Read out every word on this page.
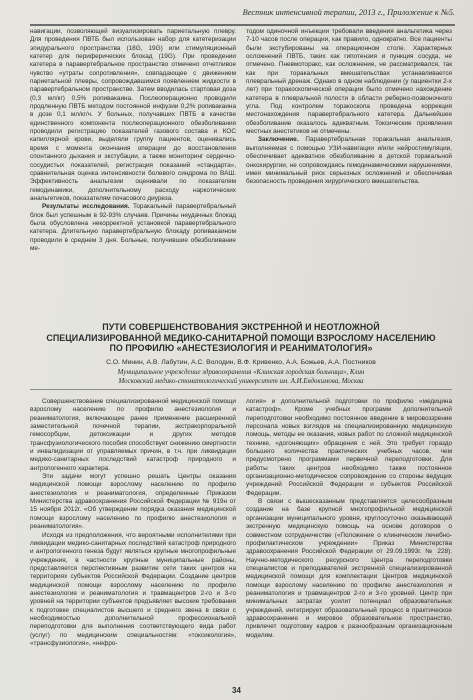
Вестник интенсивной терапии, 2013 г., Приложение к №5.

навигации, позволяющей визуализировать париетальную плевру. Для проведения ПВТБ был использован набор для катетеризации эпидурального пространства (18G, 19G) или стимуляционный катетер для периферических блокад (19G). При проведении катетера в паравертебральное пространство отмечено отчетливое чувство «утраты сопротивления», совпадающее с движением париетальной плевры, сопровождавшимся появлением жидкости в паравертебральном пространстве. Затем вводилась стартовая доза (0,3 мл/кг) 0,5% ропивакаина. Послеоперационно проводили продленную ПВТБ методом постоянной инфузии 0,2% ропивакаина в дозе 0,1 мл/кг/ч. У больных, получавших ПВТБ в качестве единственного компонента послеоперационного обезболивания проводили регистрацию показателей газового состава и КОС капиллярной крови, выделяли группу пациентов, оценивались время с момента окончания операции до восстановления спонтанного дыхания и экстубации, а также мониторинг сердечно-сосудистых показателей, регистрация показаний «стандарта», сравнительная оценка интенсивности болевого синдрома по ВАШ. Эффективность анальгезии оценивали по показателям гемодинамики, дополнительному расходу наркотических анальгетиков, показателям почасового диуреза.

Результаты исследования. Торакальный паравертебральный блок был успешным в 92-93% случаев. Причины неудачных блокад была обусловлена некорректной установкой паравертебрального катетера. Длительную паравертебральную блокаду ропивакаином проводили в среднем 3 дня. Больные, получившие обезболивание ме-

тодом одиночной инъекции требовали введения анальгетика через 7-10 часов после операции, как правило, однократно. Все пациенты были экстубированы на операционном столе. Характерных осложнений ПВТБ, таких как гипотензия и пункция сосуда, не отмечено. Пневмоторакс, как осложнение, не рассматривался, так как при торакальных вмешательствах устанавливается плевральный дренаж. Однако в одном наблюдении (у пациентки 2-х лет) при торакоскопической операции было отмечено нахождение катетера в плевральной полости в области реберно-позвоночного угла. Под контролем торакоскопа проведена коррекция местонахождения паравертебрального катетера. Дальнейшее обезболивание оказалось адекватным. Токсические проявления местных анестетиков не отмечены.

Заключение. Паравертебральная торакальная анальгезия, выполняемая с помощью УЗИ-навигации и/или нейростимуляции, обеспечивает адекватное обезболивание в детской торакальной онкохирургии, не сопровождаясь гемодинамическими нарушениями, имея минимальный риск серьезных осложнений и обеспечивая безопасность проведения хирургического вмешательства.

ПУТИ СОВЕРШЕНСТВОВАНИЯ ЭКСТРЕННОЙ И НЕОТЛОЖНОЙ
СПЕЦИАЛИЗИРОВАННОЙ МЕДИКО-САНИТАРНОЙ ПОМОЩИ ВЗРОСЛОМУ НАСЕЛЕНИЮ
ПО ПРОФИЛЮ «АНЕСТЕЗИОЛОГИЯ И РЕАНИМАТОЛОГИЯ»
С.О. Минин, А.В. Лабутин, А.С. Володин, В.Ф. Кривенко, А.А. Божьев, А.А. Постников
Муниципальное учреждение здравоохранения «Клинская городская больница», Клин
Московский медико-стоматологический университет им. А.И.Евдокимова, Москва

Совершенствование специализированной медицинской помощи взрослому населению по профилю анестезиология и реаниматология, включающее ранее применение расширенной заместительной почечной терапии, экстракорпоральной гемосорбции, детоксикации и других методов трансфузиологического пособия способствует снижению смертности и инвалидизации от управляемых причин, в т.ч. при ликвидации медико-санитарных последствий катастроф природного и антропогенного характера.

Эти задачи могут успешно решать Центры оказания медицинской помощи взрослому населению по профилю анестезиология и реаниматология, определенные Приказом Министерства здравоохранения Российской Федерации № 919н от 15 ноября 2012г. «Об утверждении порядка оказания медицинской помощи взрослому населению по профилю анестезиология и реаниматология».

Исходя из предположения, что вероятными исполнителями при ликвидации медико-санитарных последствий катастроф природного и антропогенного генеза будут являться крупные многопрофильные учреждения, в частности крупные муниципальные районы, представляется перспективным развитие сети таких центров на территориях субъектов Российской Федерации. Создание центров медицинской помощи взрослому населению по профилю анестезиология и реаниматология и травмацентров 2-го и 3-го уровней на территории субъектов предъявляет высокие требования к подготовке специалистов высшего и среднего звена в связи с необходимостью дополнительной профессиональной переподготовки для выполнения соответствующего вида работ (услуг) по медицинским специальностям: «токсикология», «трансфузиология», «нефро-

логия» и дополнительной подготовки по профилю «медицина катастроф». Кроме учебных программ дополнительной переподготовки необходимо постоянное введение в мировоззрение персонала новых взглядов на специализированную медицинскую помощь, методы ее оказания, новых работ по сложной медицинской технике, «догоняющих» обращения с ней. Это требует гораздо большего количества практических учебных часов, чем предусмотрено программами первичной переподготовки. Для работы таких центров необходимо также постоянное организационно-методическое сопровождение со стороны ведущих учреждений Российской Федерации и субъектов Российской Федерации.

В связи с вышесказанным представляется целесообразным создание на базе крупной многопрофильной медицинской организации муниципального уровня, круглосуточно оказывающей экстренную медицинскую помощь на основе договоров о совместном сотрудничестве («Положение о клиническом лечебно-профилактическом учреждении» Приказ Министерства здравоохранения Российской Федерации от 29.09.1993г. № 228). Научно-методического ресурсного Центра переподготовки специалистов и преподавателей экстренной специализированной медицинской помощи для комплектации Центров медицинской помощи взрослому населению по профилю анестезиология и реаниматология и травмацентров 2-го и 3-го уровней. Центр при минимальных затратах усилит потенциал образовательных учреждений, интегрирует образовательный процесс в практическое здравоохранение и мировое образовательное пространство, привлечет подготовку кадров к разнообразным организационным моделям.

34
